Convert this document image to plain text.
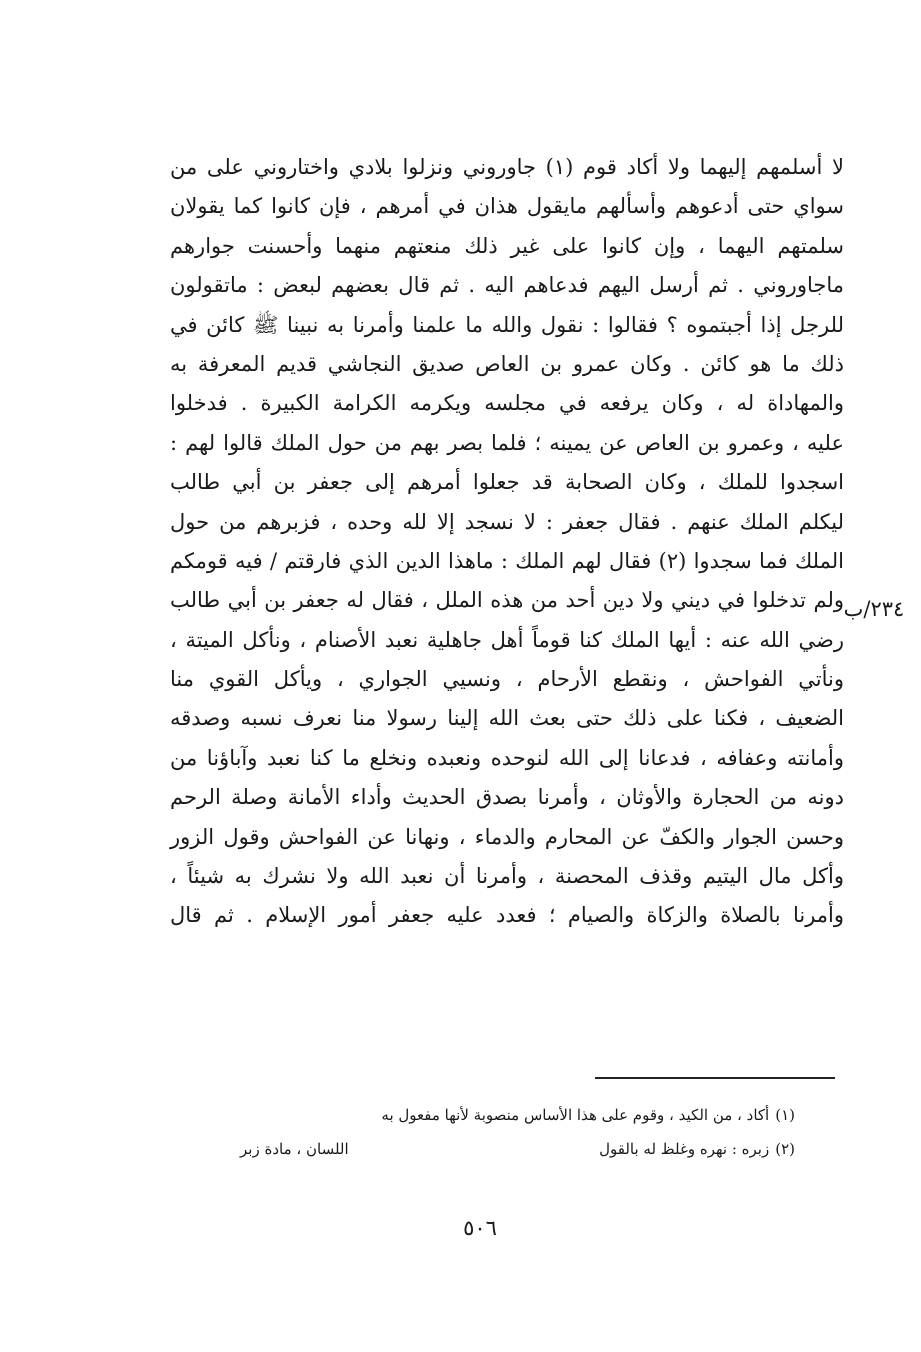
٢٣٤/ب
لا أسلمهم إليهما ولا أكاد قوم (١) جاوروني ونزلوا بلادي واختاروني على من
سواي حتى أدعوهم وأسألهم مايقول هذان في أمرهم ، فإن كانوا كما يقولان
سلمتهم اليهما ، وإن كانوا على غير ذلك منعتهم منهما وأحسنت جوارهم
ماجاوروني . ثم أرسل اليهم فدعاهم اليه . ثم قال بعضهم لبعض : ماتقولون
للرجل إذا أجبتموه ؟ فقالوا : نقول والله ما علمنا وأمرنا به نبينا ﷺ كائن في
ذلك ما هو كائن . وكان عمرو بن العاص صديق النجاشي قديم المعرفة به
والمهاداة له ، وكان يرفعه في مجلسه ويكرمه الكرامة الكبيرة . فدخلوا
عليه ، وعمرو بن العاص عن يمينه ؛ فلما بصر بهم من حول الملك قالوا لهم :
اسجدوا للملك ، وكان الصحابة قد جعلوا أمرهم إلى جعفر بن أبي طالب
ليكلم الملك عنهم . فقال جعفر : لا نسجد إلا لله وحده ، فزبرهم من حول
الملك فما سجدوا (٢) فقال لهم الملك : ماهذا الدين الذي فارقتم / فيه قومكم
ولم تدخلوا في ديني ولا دين أحد من هذه الملل ، فقال له جعفر بن أبي طالب
رضي الله عنه : أيها الملك كنا قوماً أهل جاهلية نعبد الأصنام ، ونأكل الميتة ،
ونأتي الفواحش ، ونقطع الأرحام ، ونسيي الجواري ، ويأكل القوي منا
الضعيف ، فكنا على ذلك حتى بعث الله إلينا رسولا منا نعرف نسبه وصدقه
وأمانته وعفافه ، فدعانا إلى الله لنوحده ونعبده ونخلع ما كنا نعبد وآباؤنا من
دونه من الحجارة والأوثان ، وأمرنا بصدق الحديث وأداء الأمانة وصلة الرحم
وحسن الجوار والكفّ عن المحارم والدماء ، ونهانا عن الفواحش وقول الزور
وأكل مال اليتيم وقذف المحصنة ، وأمرنا أن نعبد الله ولا نشرك به شيئاً ،
وأمرنا بالصلاة والزكاة والصيام ؛ فعدد عليه جعفر أمور الإسلام . ثم قال
(١)
أكاد ، من الكيد ، وقوم على هذا الأساس منصوبة لأنها مفعول به
(٢)
زبره : نهره وغلظ له بالقول
اللسان ، مادة زبر
٥٠٦
